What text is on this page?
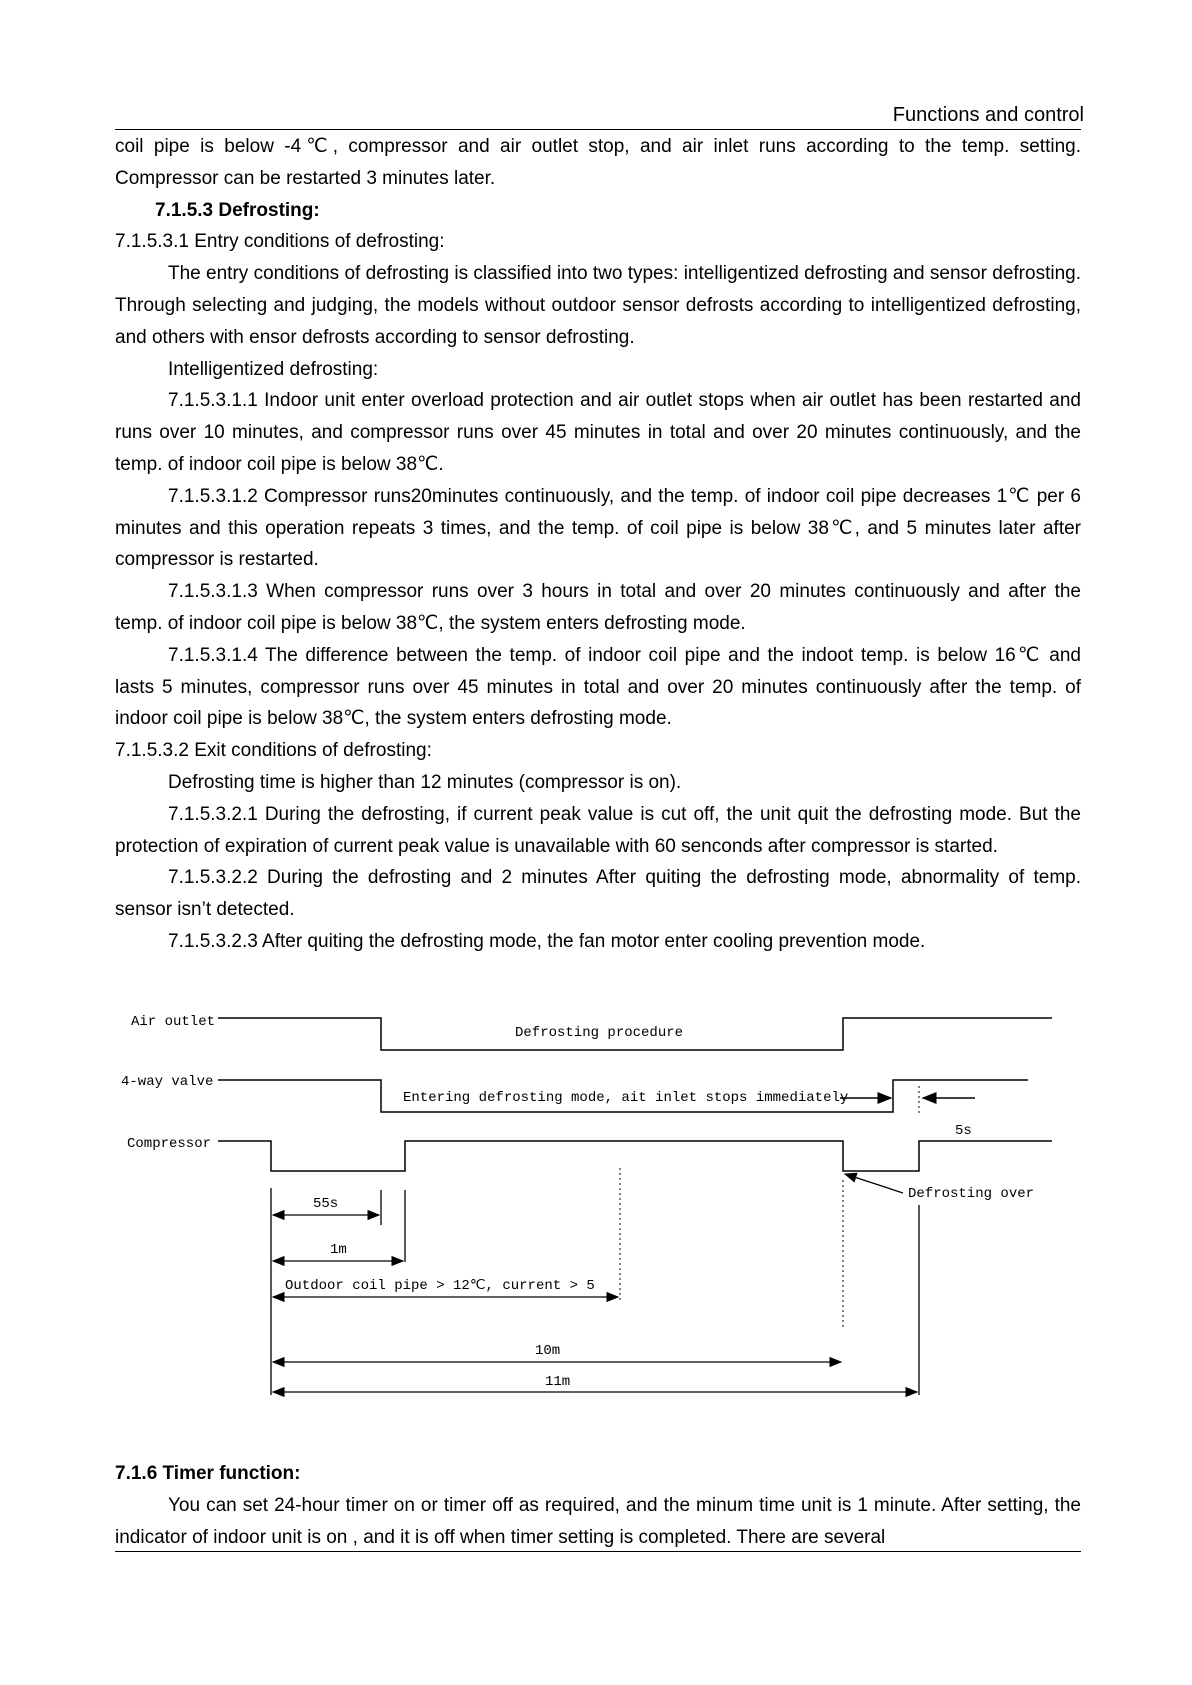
Functions and control

coil pipe is below -4℃, compressor and air outlet stop, and air inlet runs according to the temp. setting. Compressor can be restarted 3 minutes later.

7.1.5.3 Defrosting:

7.1.5.3.1 Entry conditions of defrosting:

The entry conditions of defrosting is classified into two types: intelligentized defrosting and sensor defrosting. Through selecting and judging, the models without outdoor sensor defrosts according to intelligentized defrosting, and others with ensor defrosts according to sensor defrosting.

Intelligentized defrosting:

7.1.5.3.1.1 Indoor unit enter overload protection and air outlet stops when air outlet has been restarted and runs over 10 minutes, and compressor runs over 45 minutes in total and over 20 minutes continuously, and the temp. of indoor coil pipe is below 38℃.

7.1.5.3.1.2 Compressor runs20minutes continuously, and the temp. of indoor coil pipe decreases 1℃ per 6 minutes and this operation repeats 3 times, and the temp. of coil pipe is below 38℃, and 5 minutes later after compressor is restarted.

7.1.5.3.1.3 When compressor runs over 3 hours in total and over 20 minutes continuously and after the temp. of indoor coil pipe is below 38℃, the system enters defrosting mode.

7.1.5.3.1.4 The difference between the temp. of indoor coil pipe and the indoot temp. is below 16℃ and lasts 5 minutes, compressor runs over 45 minutes in total and over 20 minutes continuously after the temp. of indoor coil pipe is below 38℃, the system enters defrosting mode.

7.1.5.3.2 Exit conditions of defrosting:

Defrosting time is higher than 12 minutes (compressor is on).

7.1.5.3.2.1 During the defrosting, if current peak value is cut off, the unit quit the defrosting mode. But the protection of expiration of current peak value is unavailable with 60 senconds after compressor is started.

7.1.5.3.2.2 During the defrosting and 2 minutes After quiting the defrosting mode, abnormality of temp. sensor isn’t detected.

7.1.5.3.2.3 After quiting the defrosting mode, the fan motor enter cooling prevention mode.

Air outlet
4-way valve
Compressor
Defrosting procedure
Entering defrosting mode, ait inlet stops immediately
5s
Defrosting over
55s
1m
Outdoor coil pipe > 12℃, current > 5
10m
11m

7.1.6 Timer function:

You can set 24-hour timer on or timer off as required, and the minum time unit is 1 minute. After setting, the indicator of indoor unit is on , and it is off when timer setting is completed. There are several
